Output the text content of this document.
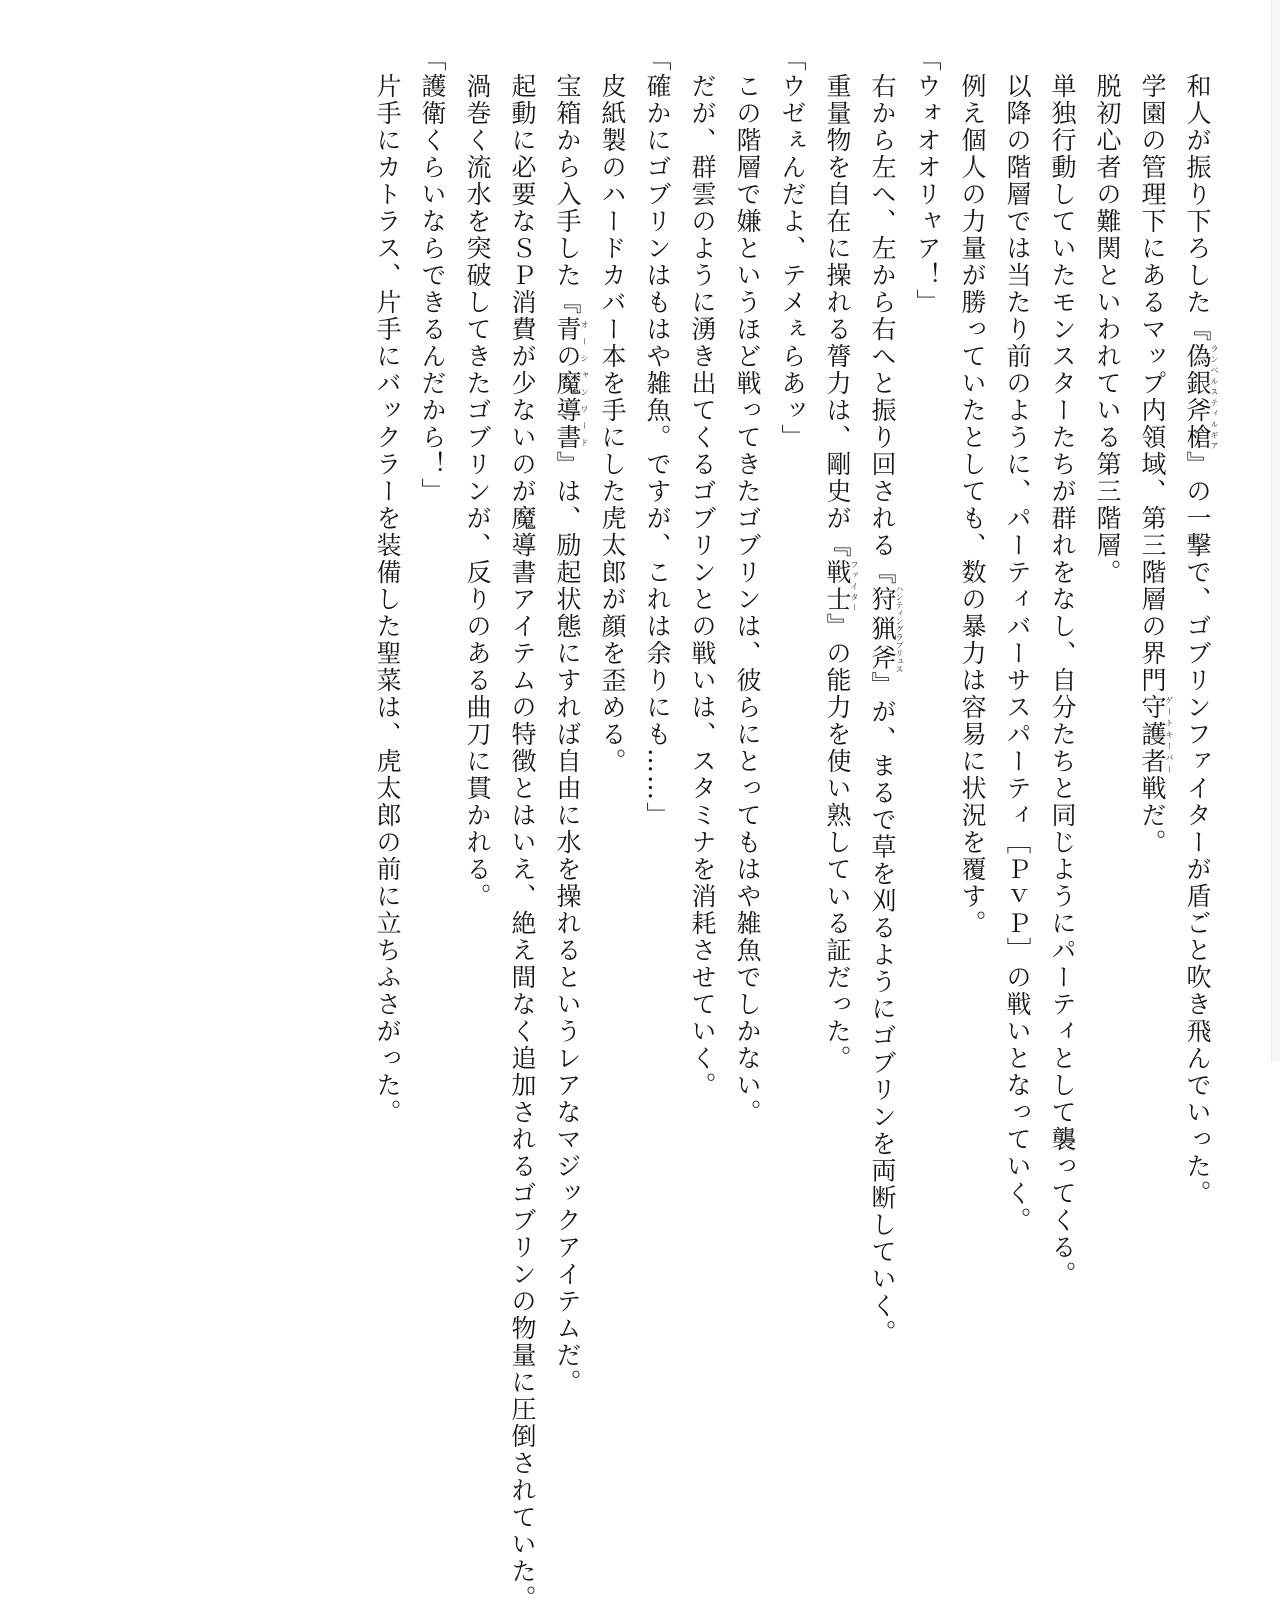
和人が振り下ろした『偽銀斧槍ランベルスティルギア』の一撃で、ゴブリンファイターが盾ごと吹き飛んでいった。
学園の管理下にあるマップ内領域、第三階層の界門守護者ゲートキーパー戦だ。
脱初心者の難関といわれている第三階層。
単独行動していたモンスターたちが群れをなし、自分たちと同じようにパーティとして襲ってくる。
以降の階層では当たり前のように、パーティバーサスパーティ［ＰｖＰ］の戦いとなっていく。
例え個人の力量が勝っていたとしても、数の暴力は容易に状況を覆す。
「ウォオオリャア！」
右から左へ、左から右へと振り回される『狩猟斧ハンティングラブリュス』が、まるで草を刈るようにゴブリンを両断していく。
重量物を自在に操れる膂力は、剛史が『戦士ファイター』の能力を使い熟している証だった。
「ウゼぇんだよ、テメぇらあッ」
この階層で嫌というほど戦ってきたゴブリンは、彼らにとってもはや雑魚でしかない。
だが、群雲のように湧き出てくるゴブリンとの戦いは、スタミナを消耗させていく。
「確かにゴブリンはもはや雑魚。ですが、これは余りにも……」
皮紙製のハードカバー本を手にした虎太郎が顔を歪める。
宝箱から入手した『青の魔導書オーシャンワード』は、励起状態にすれば自由に水を操れるというレアなマジックアイテムだ。
起動に必要なＳＰ消費が少ないのが魔導書アイテムの特徴とはいえ、絶え間なく追加されるゴブリンの物量に圧倒されていた。
渦巻く流水を突破してきたゴブリンが、反りのある曲刀に貫かれる。
「護衛くらいならできるんだから！」
片手にカトラス、片手にバックラーを装備した聖菜は、虎太郎の前に立ちふさがった。
